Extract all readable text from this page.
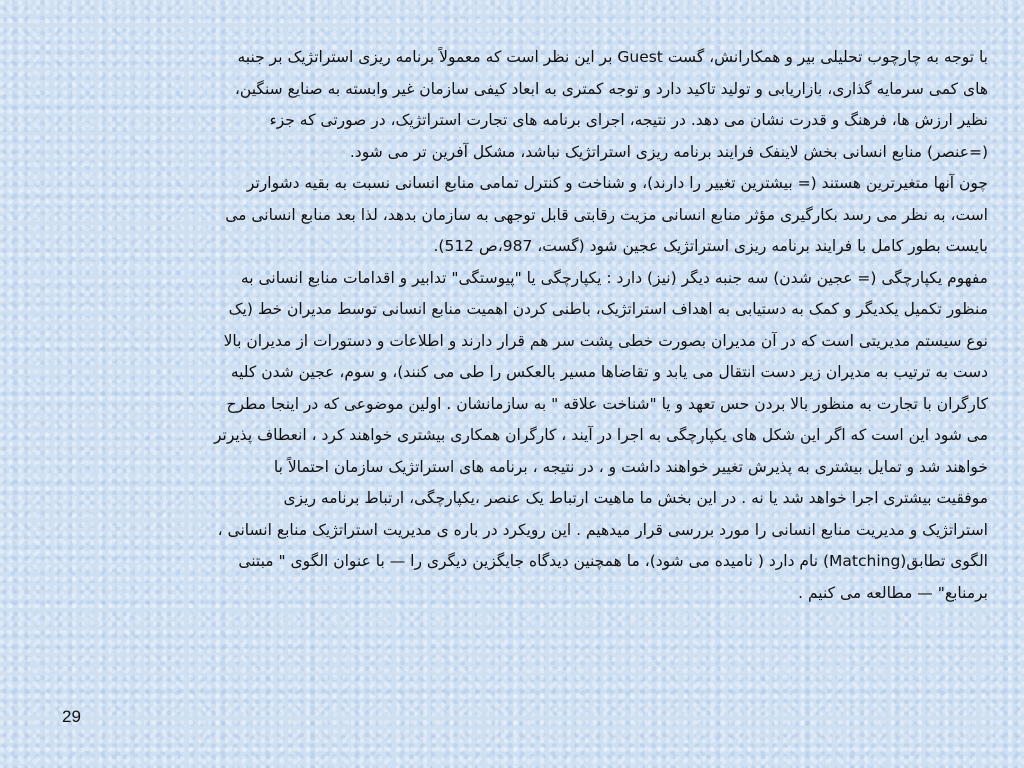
با توجه به چارچوب تحلیلی بیر و همکارانش، گست Guest بر این نظر است که معمولاً برنامه ریزی استراتژیک بر جنبه
های کمی سرمایه گذاری، بازاریابی و تولید تاکید دارد و توجه کمتری به ابعاد کیفی سازمان غیر وابسته به صنایع سنگین،
نظیر ارزش ها، فرهنگ و قدرت نشان می دهد. در نتیجه، اجرای برنامه های تجارت استراتژیک، در صورتی که جزء
(=عنصر) منابع انسانی بخش لاینفک فرایند برنامه ریزی استراتژیک نباشد، مشکل آفرین تر می شود.
چون آنها متغیرترین هستند (= بیشترین تغییر را دارند)، و شناخت و کنترل تمامی منابع انسانی نسبت به بقیه دشوارتر
است، به نظر می رسد بکارگیری مؤثر منابع انسانی مزیت رقابتی قابل توجهی به سازمان بدهد، لذا بعد منابع انسانی می
بایست بطور کامل با فرایند برنامه ریزی استراتژیک عجین شود (گست، 987،ص 512).
مفهوم یکپارچگی (= عجین شدن) سه جنبه دیگر (نیز) دارد : یکپارچگی یا "پیوستگی" تدابیر و اقدامات منابع انسانی به
منظور تکمیل یکدیگر و کمک به دستیابی به اهداف استراتژیک، باطنی کردن اهمیت منابع انسانی توسط مدیران خط (یک
نوع سیستم مدیریتی است که در آن مدیران بصورت خطی پشت سر هم قرار دارند و اطلاعات و دستورات از مدیران بالا
دست به ترتیب به مدیران زیر دست انتقال می یابد و تقاضاها مسیر بالعکس را طی می کنند)، و سوم، عجین شدن کلیه
کارگران با تجارت به منظور بالا بردن حس تعهد و یا "شناخت علاقه " به سازمانشان . اولین موضوعی که در اینجا مطرح
می شود این است که اگر این شکل های یکپارچگی به اجرا در آیند ، کارگران همکاری بیشتری خواهند کرد ، انعطاف پذیرتر
خواهند شد و تمایل بیشتری به پذیرش تغییر خواهند داشت و ، در نتیجه ، برنامه های استراتژیک سازمان احتمالاً با
موفقیت بیشتری اجرا خواهد شد یا نه . در این بخش ما ماهیت ارتباط یک عنصر ،یکپارچگی، ارتباط برنامه ریزی
استراتژیک و مدیریت منابع انسانی را مورد بررسی قرار میدهیم . این رویکرد در باره ی مدیریت استراتژیک منابع انسانی ،
الگوی تطابق(Matching) نام دارد ( نامیده می شود)، ما همچنین دیدگاه جایگزین دیگری را — با عنوان الگوی " مبتنی
برمنابع" — مطالعه می کنیم .
29
